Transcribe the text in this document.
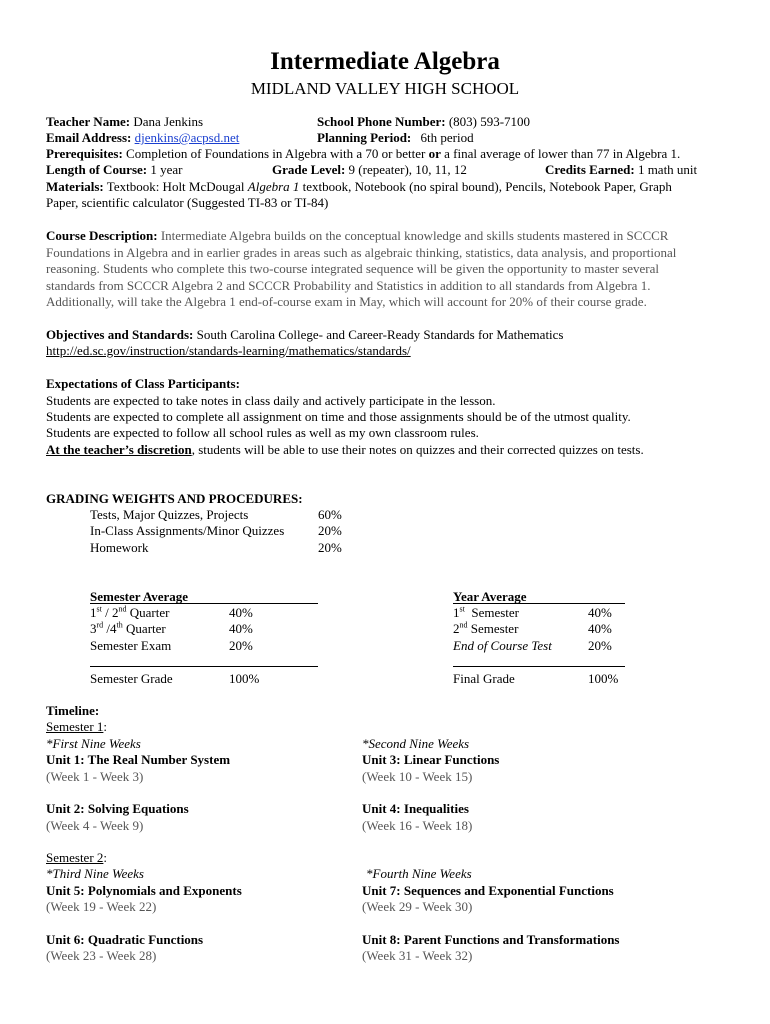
Intermediate Algebra
MIDLAND VALLEY HIGH SCHOOL
Teacher Name: Dana Jenkins	School Phone Number: (803) 593-7100
Email Address: djenkins@acpsd.net	Planning Period: 6th period
Prerequisites: Completion of Foundations in Algebra with a 70 or better or a final average of lower than 77 in Algebra 1.
Length of Course: 1 year	Grade Level: 9 (repeater), 10, 11, 12	Credits Earned: 1 math unit
Materials: Textbook: Holt McDougal Algebra 1 textbook, Notebook (no spiral bound), Pencils, Notebook Paper, Graph
Paper, scientific calculator (Suggested TI-83 or TI-84)
Course Description: Intermediate Algebra builds on the conceptual knowledge and skills students mastered in SCCCR
Foundations in Algebra and in earlier grades in areas such as algebraic thinking, statistics, data analysis, and proportional
reasoning. Students who complete this two-course integrated sequence will be given the opportunity to master several
standards from SCCCR Algebra 2 and SCCCR Probability and Statistics in addition to all standards from Algebra 1.
Additionally, will take the Algebra 1 end-of-course exam in May, which will account for 20% of their course grade.
Objectives and Standards: South Carolina College- and Career-Ready Standards for Mathematics
http://ed.sc.gov/instruction/standards-learning/mathematics/standards/
Expectations of Class Participants:
Students are expected to take notes in class daily and actively participate in the lesson.
Students are expected to complete all assignment on time and those assignments should be of the utmost quality.
Students are expected to follow all school rules as well as my own classroom rules.
At the teacher’s discretion, students will be able to use their notes on quizzes and their corrected quizzes on tests.
GRADING WEIGHTS AND PROCEDURES:
Tests, Major Quizzes, Projects	60%
In-Class Assignments/Minor Quizzes	20%
Homework	20%
Semester Average
1st / 2nd Quarter	40%
3rd /4th Quarter	40%
Semester Exam	20%
Semester Grade	100%
Year Average
1st  Semester	40%
2nd Semester	40%
End of Course Test	20%
Final Grade	100%
Timeline:
Semester 1:
*First Nine Weeks	*Second Nine Weeks
Unit 1: The Real Number System
(Week 1 - Week 3)
Unit 3: Linear Functions
(Week 10 - Week 15)
Unit 2: Solving Equations
(Week 4 - Week 9)
Unit 4: Inequalities
(Week 16 - Week 18)
Semester 2:
*Third Nine Weeks	*Fourth Nine Weeks
Unit 5: Polynomials and Exponents
(Week 19 - Week 22)
Unit 7: Sequences and Exponential Functions
(Week 29 - Week 30)
Unit 6: Quadratic Functions
(Week 23 - Week 28)
Unit 8: Parent Functions and Transformations
(Week 31 - Week 32)
